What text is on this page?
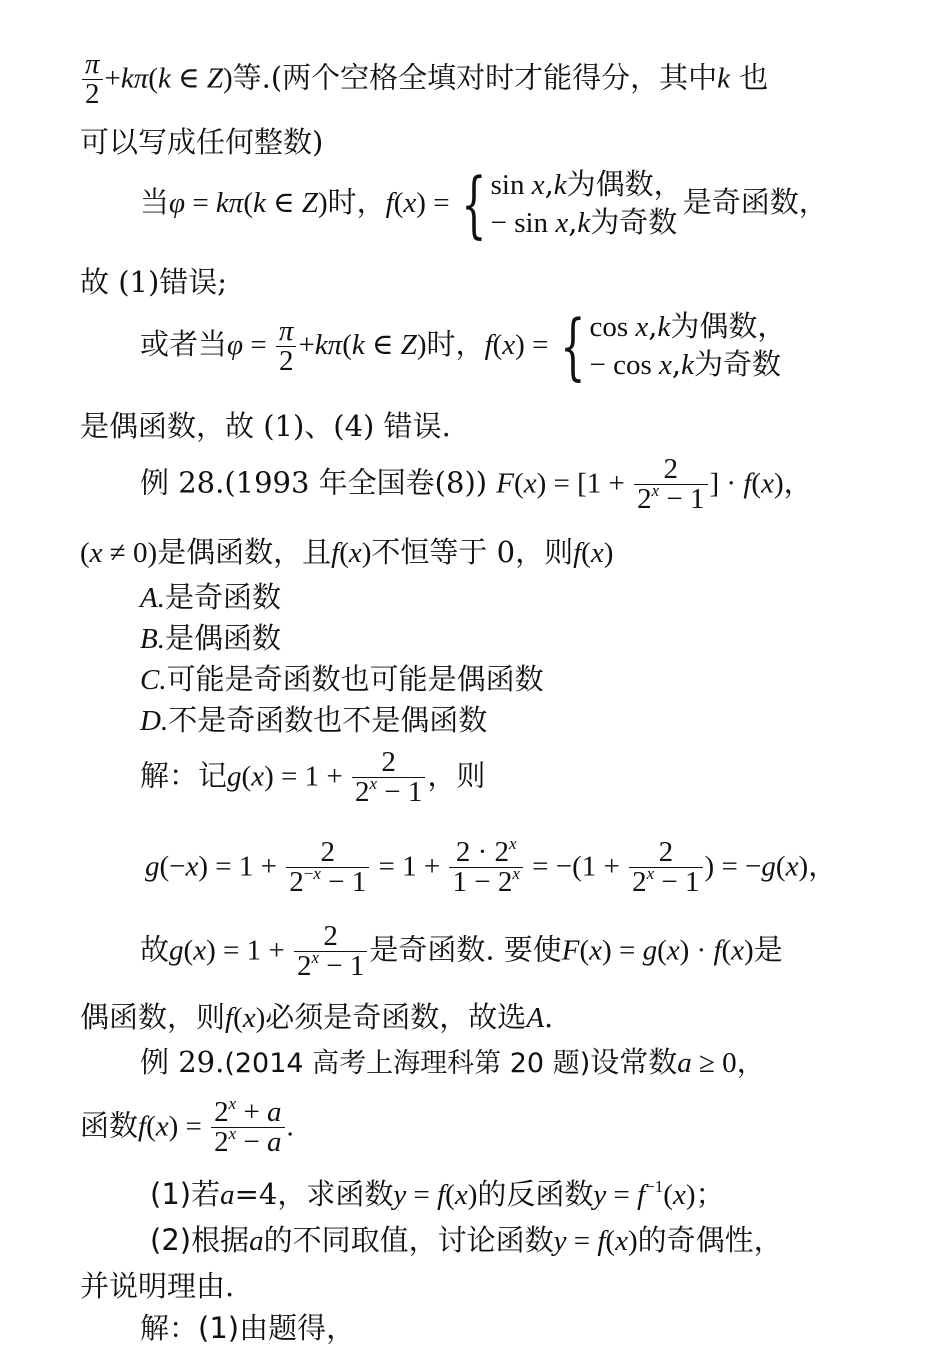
$\frac{\pi}{2} +k\pi(k$ ∈ Z)等.(两个空格全填对时才能得分，其中k 也
可以写成任何整数)
当φ = kπ(k ∈ Z)时，f(x) = { sin x,k为偶数，
− sin x,k为奇数
是奇函数，
故 (1)错误;
或者当$\varphi = \frac{\pi}{2} +k\pi(k$ ∈ Z)时，f(x) = { cos x,k为偶数，
− cos x,k为奇数
是偶函数，故 (1)、(4) 错误.
例 28.(1993 年全国卷(8)) $F(x) = [1 + \frac{2}{2^x - 1}$ ] · f(x)，
(x ≠ 0)是偶函数，且f(x)不恒等于 0，则f(x)
A.是奇函数
B.是偶函数
C.可能是奇函数也可能是偶函数
D.不是奇函数也不是偶函数
解：记$g(x) = 1 + \frac{2}{2^x - 1}$ ，则
$g(-x) = 1 + \frac{2}{2^{-x} - 1} = 1 + \frac{2 \cdot 2^x}{1 - 2^x} = -(1 + \frac{2}{2^x - 1}$ ) = −g(x)，
故$g(x) = 1 + \frac{2}{2^x - 1}$ 是奇函数. 要使F(x) = g(x) · f(x)是
偶函数，则f(x)必须是奇函数，故选A.
例 29.(2014 高考上海理科第 20 题)设常数a ≥ 0，
函数$f(x) = \frac{2^x + a}{2^x - a}$ .
(1)若a=4，求函数y = f(x)的反函数$y = f^{-1}(x)$；
(2)根据a的不同取值，讨论函数y = f(x)的奇偶性，
并说明理由.
解：(1)由题得，
